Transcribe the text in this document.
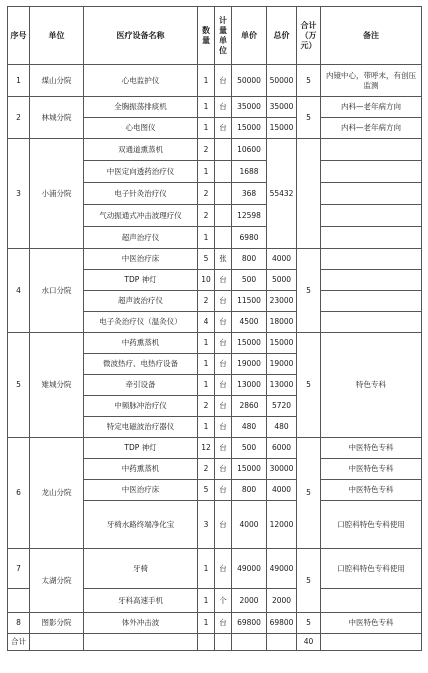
序号	单位	医疗设备名称	数量	计量单位	单价	总价	合计（万元）	备注
1	煤山分院	心电监护仪	1	台	50000	50000	5	内镜中心，带呼末，有创压监测
2	林城分院	全胸振荡排痰机	1	台	35000	35000	5	内科—老年病方向
		心电图仪	1	台	15000	15000		内科—老年病方向
3	小浦分院	双通道熏蒸机	2		10600	55432		
		中医定向透药治疗仪	1		1688			
		电子针灸治疗仪	2		368			
		气动振通式冲击波理疗仪	2		12598			
		超声治疗仪	1		6980			
4	水口分院	中医治疗床	5	张	800	4000	5	
		TDP 神灯	10	台	500	5000		
		超声波治疗仪	2	台	11500	23000		
		电子灸治疗仪（温灸仪）	4	台	4500	18000		
5	雉城分院	中药熏蒸机	1	台	15000	15000	5	特色专科
		微波热疗、电热疗设备	1	台	19000	19000		
		牵引设备	1	台	13000	13000		
		中频脉冲治疗仪	2	台	2860	5720		
		特定电磁波治疗器仪	1	台	480	480		
6	龙山分院	TDP 神灯	12	台	500	6000	5	中医特色专科
		中药熏蒸机	2	台	15000	30000		中医特色专科
		中医治疗床	5	台	800	4000		中医特色专科
		牙椅水路终端净化宝	3	台	4000	12000		口腔科特色专科使用
7	太湖分院	牙椅	1	台	49000	49000	5	口腔科特色专科使用
		牙科高速手机	1	个	2000	2000		
8	图影分院	体外冲击波	1	台	69800	69800	5	中医特色专科
合计							40	
